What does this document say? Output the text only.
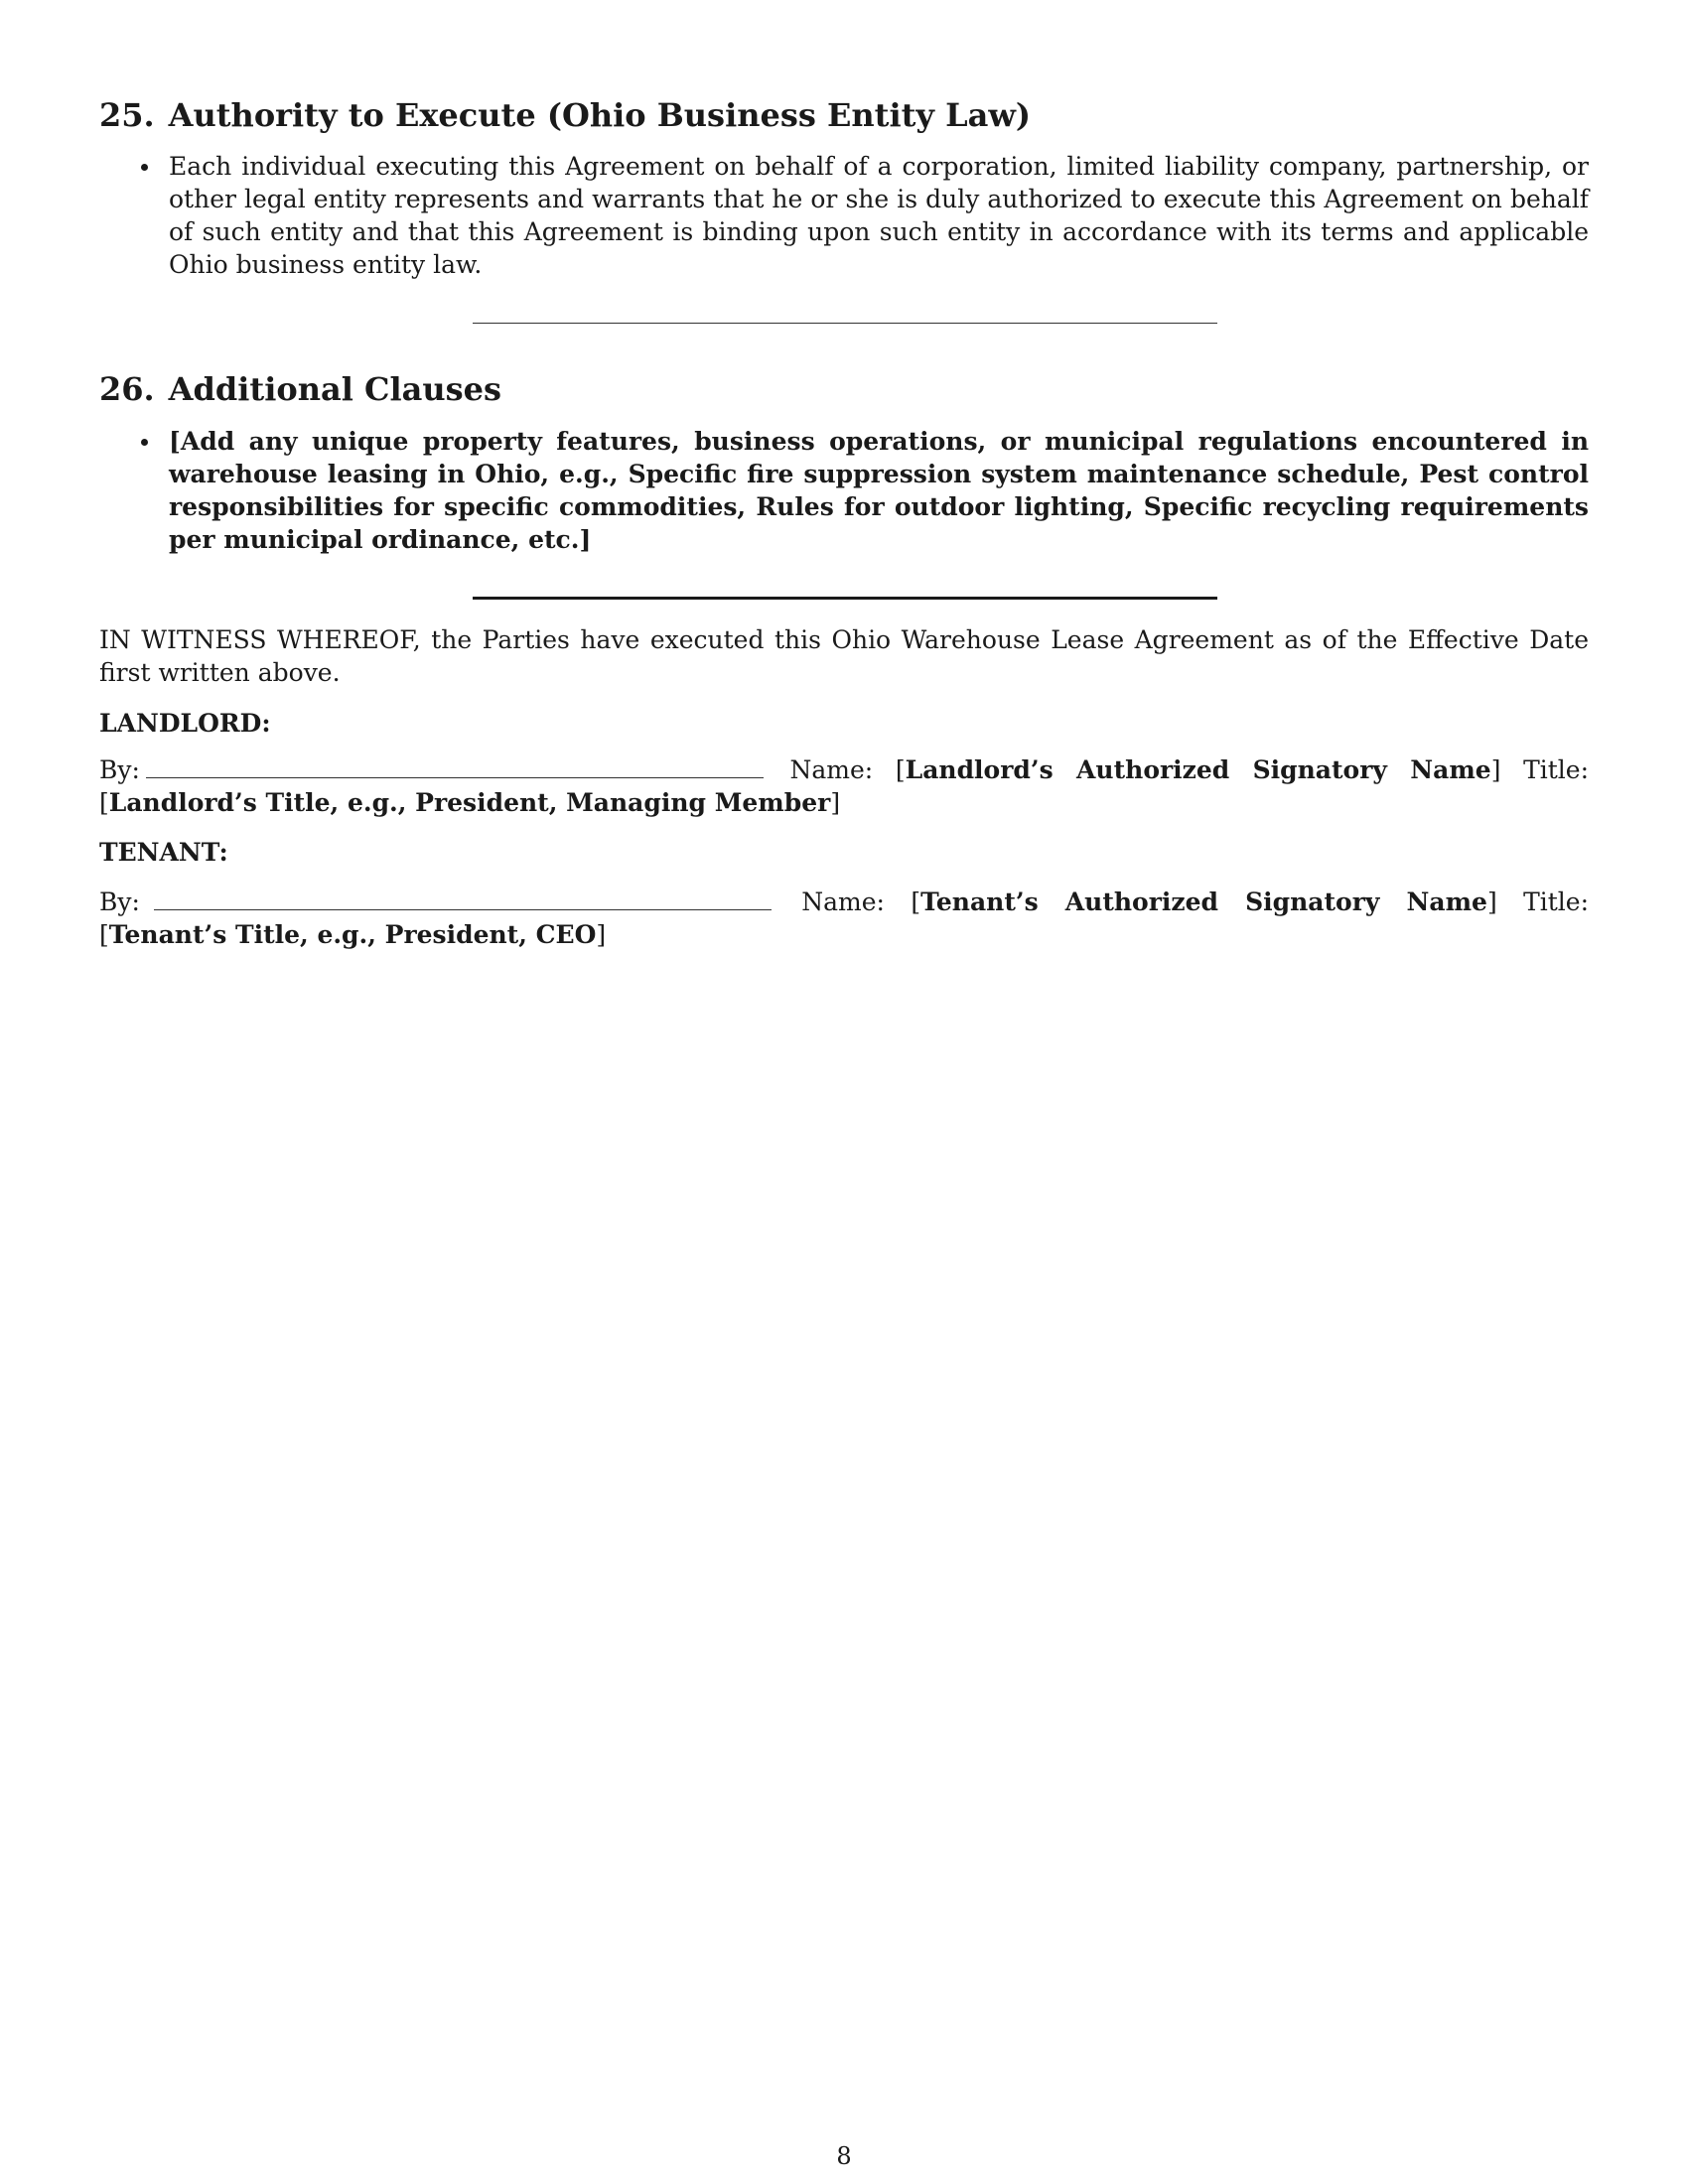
25. Authority to Execute (Ohio Business Entity Law)
Each individual executing this Agreement on behalf of a corporation, limited liability company, partnership, or other legal entity represents and warrants that he or she is duly authorized to execute this Agreement on behalf of such entity and that this Agreement is binding upon such entity in accordance with its terms and applicable Ohio business entity law.
26. Additional Clauses
[Add any unique property features, business operations, or municipal regulations encountered in warehouse leasing in Ohio, e.g., Specific fire suppression system maintenance schedule, Pest control responsibilities for specific commodities, Rules for outdoor lighting, Specific recycling requirements per municipal ordinance, etc.]
IN WITNESS WHEREOF, the Parties have executed this Ohio Warehouse Lease Agreement as of the Effective Date first written above.
LANDLORD:
By:	Name: [Landlord’s Authorized Signatory Name] Title: [Landlord’s Title, e.g., President, Managing Member]
TENANT:
By:	Name: [Tenant’s Authorized Signatory Name] Title: [Tenant’s Title, e.g., President, CEO]
8
